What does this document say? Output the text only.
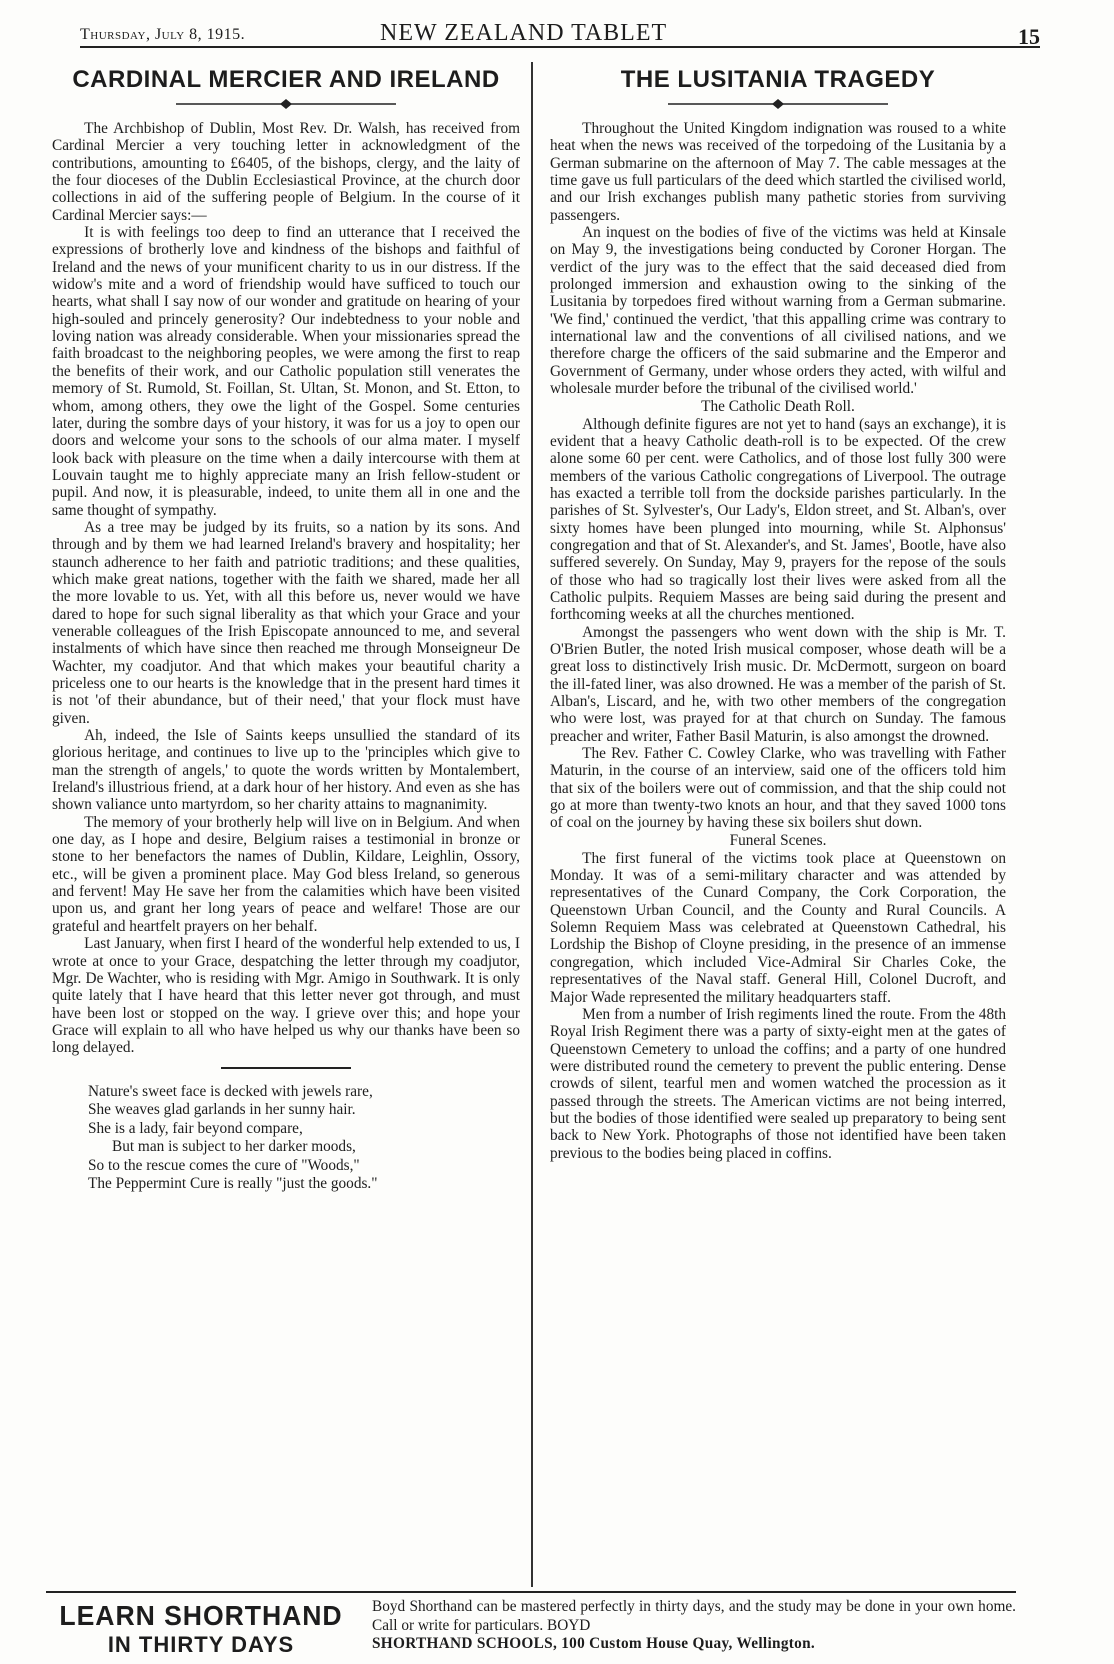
Thursday, July 8, 1915.	NEW ZEALAND TABLET	15
CARDINAL MERCIER AND IRELAND

The Archbishop of Dublin, Most Rev. Dr. Walsh, has received from Cardinal Mercier a very touching letter in acknowledgment of the contributions, amounting to £6405, of the bishops, clergy, and the laity of the four dioceses of the Dublin Ecclesiastical Province, at the church door collections in aid of the suffering people of Belgium. In the course of it Cardinal Mercier says:—

It is with feelings too deep to find an utterance that I received the expressions of brotherly love and kindness of the bishops and faithful of Ireland and the news of your munificent charity to us in our distress. If the widow's mite and a word of friendship would have sufficed to touch our hearts, what shall I say now of our wonder and gratitude on hearing of your high-souled and princely generosity? Our indebtedness to your noble and loving nation was already considerable. When your missionaries spread the faith broadcast to the neighboring peoples, we were among the first to reap the benefits of their work, and our Catholic population still venerates the memory of St. Rumold, St. Foillan, St. Ultan, St. Monon, and St. Etton, to whom, among others, they owe the light of the Gospel. Some centuries later, during the sombre days of your history, it was for us a joy to open our doors and welcome your sons to the schools of our alma mater. I myself look back with pleasure on the time when a daily intercourse with them at Louvain taught me to highly appreciate many an Irish fellow-student or pupil. And now, it is pleasurable, indeed, to unite them all in one and the same thought of sympathy.

As a tree may be judged by its fruits, so a nation by its sons. And through and by them we had learned Ireland's bravery and hospitality; her staunch adherence to her faith and patriotic traditions; and these qualities, which make great nations, together with the faith we shared, made her all the more lovable to us. Yet, with all this before us, never would we have dared to hope for such signal liberality as that which your Grace and your venerable colleagues of the Irish Episcopate announced to me, and several instalments of which have since then reached me through Monseigneur De Wachter, my coadjutor. And that which makes your beautiful charity a priceless one to our hearts is the knowledge that in the present hard times it is not 'of their abundance, but of their need,' that your flock must have given.

Ah, indeed, the Isle of Saints keeps unsullied the standard of its glorious heritage, and continues to live up to the 'principles which give to man the strength of angels,' to quote the words written by Montalembert, Ireland's illustrious friend, at a dark hour of her history. And even as she has shown valiance unto martyrdom, so her charity attains to magnanimity.

The memory of your brotherly help will live on in Belgium. And when one day, as I hope and desire, Belgium raises a testimonial in bronze or stone to her benefactors the names of Dublin, Kildare, Leighlin, Ossory, etc., will be given a prominent place. May God bless Ireland, so generous and fervent! May He save her from the calamities which have been visited upon us, and grant her long years of peace and welfare! Those are our grateful and heartfelt prayers on her behalf.

Last January, when first I heard of the wonderful help extended to us, I wrote at once to your Grace, despatching the letter through my coadjutor, Mgr. De Wachter, who is residing with Mgr. Amigo in Southwark. It is only quite lately that I have heard that this letter never got through, and must have been lost or stopped on the way. I grieve over this; and hope your Grace will explain to all who have helped us why our thanks have been so long delayed.

Nature's sweet face is decked with jewels rare,
She weaves glad garlands in her sunny hair.
She is a lady, fair beyond compare,
But man is subject to her darker moods,
So to the rescue comes the cure of "Woods,"
The Peppermint Cure is really "just the goods."
THE LUSITANIA TRAGEDY

Throughout the United Kingdom indignation was roused to a white heat when the news was received of the torpedoing of the Lusitania by a German submarine on the afternoon of May 7. The cable messages at the time gave us full particulars of the deed which startled the civilised world, and our Irish exchanges publish many pathetic stories from surviving passengers.

An inquest on the bodies of five of the victims was held at Kinsale on May 9, the investigations being conducted by Coroner Horgan. The verdict of the jury was to the effect that the said deceased died from prolonged immersion and exhaustion owing to the sinking of the Lusitania by torpedoes fired without warning from a German submarine. 'We find,' continued the verdict, 'that this appalling crime was contrary to international law and the conventions of all civilised nations, and we therefore charge the officers of the said submarine and the Emperor and Government of Germany, under whose orders they acted, with wilful and wholesale murder before the tribunal of the civilised world.'

The Catholic Death Roll.

Although definite figures are not yet to hand (says an exchange), it is evident that a heavy Catholic death-roll is to be expected. Of the crew alone some 60 per cent. were Catholics, and of those lost fully 300 were members of the various Catholic congregations of Liverpool. The outrage has exacted a terrible toll from the dockside parishes particularly. In the parishes of St. Sylvester's, Our Lady's, Eldon street, and St. Alban's, over sixty homes have been plunged into mourning, while St. Alphonsus' congregation and that of St. Alexander's, and St. James', Bootle, have also suffered severely. On Sunday, May 9, prayers for the repose of the souls of those who had so tragically lost their lives were asked from all the Catholic pulpits. Requiem Masses are being said during the present and forthcoming weeks at all the churches mentioned.

Amongst the passengers who went down with the ship is Mr. T. O'Brien Butler, the noted Irish musical composer, whose death will be a great loss to distinctively Irish music. Dr. McDermott, surgeon on board the ill-fated liner, was also drowned. He was a member of the parish of St. Alban's, Liscard, and he, with two other members of the congregation who were lost, was prayed for at that church on Sunday. The famous preacher and writer, Father Basil Maturin, is also amongst the drowned.

The Rev. Father C. Cowley Clarke, who was travelling with Father Maturin, in the course of an interview, said one of the officers told him that six of the boilers were out of commission, and that the ship could not go at more than twenty-two knots an hour, and that they saved 1000 tons of coal on the journey by having these six boilers shut down.

Funeral Scenes.

The first funeral of the victims took place at Queenstown on Monday. It was of a semi-military character and was attended by representatives of the Cunard Company, the Cork Corporation, the Queenstown Urban Council, and the County and Rural Councils. A Solemn Requiem Mass was celebrated at Queenstown Cathedral, his Lordship the Bishop of Cloyne presiding, in the presence of an immense congregation, which included Vice-Admiral Sir Charles Coke, the representatives of the Naval staff. General Hill, Colonel Ducroft, and Major Wade represented the military headquarters staff.

Men from a number of Irish regiments lined the route. From the 48th Royal Irish Regiment there was a party of sixty-eight men at the gates of Queenstown Cemetery to unload the coffins; and a party of one hundred were distributed round the cemetery to prevent the public entering. Dense crowds of silent, tearful men and women watched the procession as it passed through the streets. The American victims are not being interred, but the bodies of those identified were sealed up preparatory to being sent back to New York. Photographs of those not identified have been taken previous to the bodies being placed in coffins.

LEARN SHORTHAND
IN THIRTY DAYS
Boyd Shorthand can be mastered perfectly in thirty days, and the study may be done in your own home. Call or write for particulars. BOYD
SHORTHAND SCHOOLS, 100 Custom House Quay, Wellington.
